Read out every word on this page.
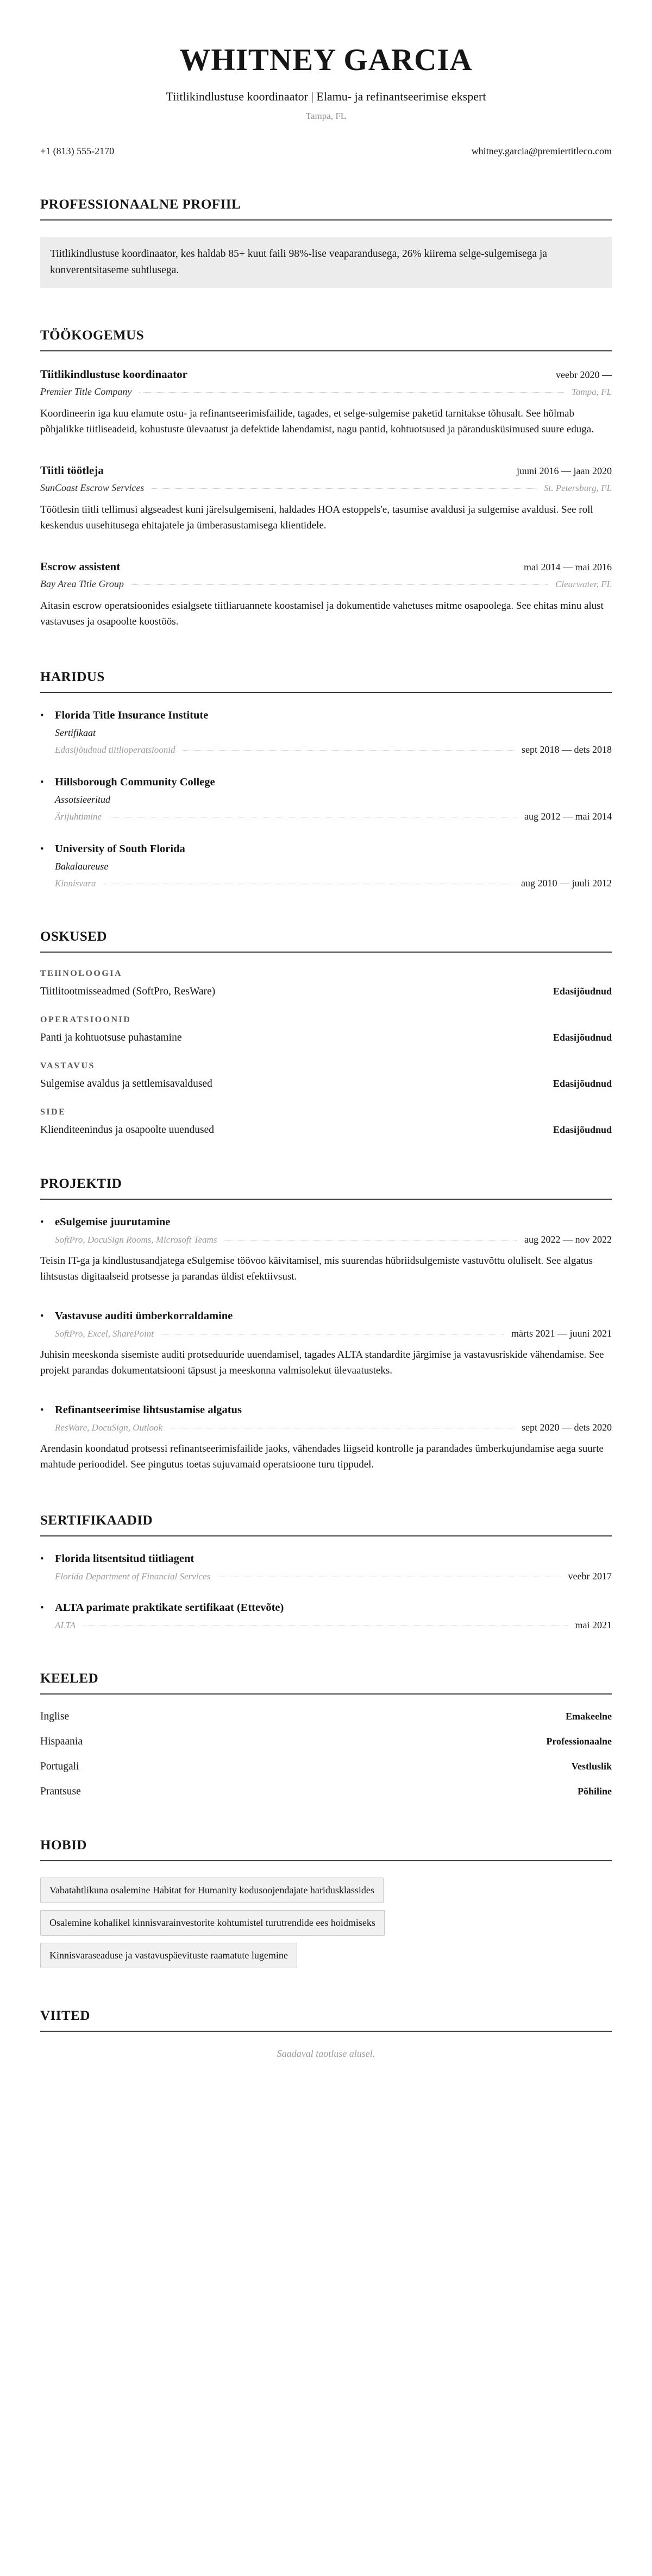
WHITNEY GARCIA
Tiitlikindlustuse koordinaator | Elamu- ja refinantseerimise ekspert
Tampa, FL
+1 (813) 555-2170	whitney.garcia@premiertitleco.com
PROFESSIONAALNE PROFIIL

Tiitlikindlustuse koordinaator, kes haldab 85+ kuut faili 98%-lise veaparandusega, 26% kiirema selge-sulgemisega ja konverentsitaseme suhtlusega.

TÖÖKOGEMUS
Tiitlikindlustuse koordinaator	veebr 2020 —
Premier Title Company	Tampa, FL

Koordineerin iga kuu elamute ostu- ja refinantseerimisfailide, tagades, et selge-sulgemise paketid tarnitakse tõhusalt. See hõlmab põhjalikke tiitliseadeid, kohustuste ülevaatust ja defektide lahendamist, nagu pantid, kohtuotsused ja pärandusküsimused suure eduga.

Tiitli töötleja	juuni 2016 — jaan 2020
SunCoast Escrow Services	St. Petersburg, FL

Töötlesin tiitli tellimusi algseadest kuni järelsulgemiseni, haldades HOA estoppels'e, tasumise avaldusi ja sulgemise avaldusi. See roll keskendus uusehitusega ehitajatele ja ümberasustamisega klientidele.

Escrow assistent	mai 2014 — mai 2016
Bay Area Title Group	Clearwater, FL

Aitasin escrow operatsioonides esialgsete tiitliaruannete koostamisel ja dokumentide vahetuses mitme osapoolega. See ehitas minu alust vastavuses ja osapoolte koostöös.

HARIDUS
•
Florida Title Insurance Institute
Sertifikaat
Edasijõudnud tiitlioperatsioonid	sept 2018 — dets 2018
•
Hillsborough Community College
Assotsieeritud
Ärijuhtimine	aug 2012 — mai 2014
•
University of South Florida
Bakalaureuse
Kinnisvara	aug 2010 — juuli 2012
OSKUSED
TEHNOLOOGIA
Tiitlitootmisseadmed (SoftPro, ResWare)	Edasijõudnud
OPERATSIOONID
Panti ja kohtuotsuse puhastamine	Edasijõudnud
VASTAVUS
Sulgemise avaldus ja settlemisavaldused	Edasijõudnud
SIDE
Klienditeenindus ja osapoolte uuendused	Edasijõudnud
PROJEKTID
•
eSulgemise juurutamine
SoftPro, DocuSign Rooms, Microsoft Teams	aug 2022 — nov 2022

Teisin IT-ga ja kindlustusandjatega eSulgemise töövoo käivitamisel, mis suurendas hübriidsulgemiste vastuvõttu oluliselt. See algatus lihtsustas digitaalseid protsesse ja parandas üldist efektiivsust.

•
Vastavuse auditi ümberkorraldamine
SoftPro, Excel, SharePoint	märts 2021 — juuni 2021

Juhisin meeskonda sisemiste auditi protseduuride uuendamisel, tagades ALTA standardite järgimise ja vastavusriskide vähendamise. See projekt parandas dokumentatsiooni täpsust ja meeskonna valmisolekut ülevaatusteks.

•
Refinantseerimise lihtsustamise algatus
ResWare, DocuSign, Outlook	sept 2020 — dets 2020

Arendasin koondatud protsessi refinantseerimisfailide jaoks, vähendades liigseid kontrolle ja parandades ümberkujundamise aega suurte mahtude perioodidel. See pingutus toetas sujuvamaid operatsioone turu tippudel.

SERTIFIKAADID
•
Florida litsentsitud tiitliagent
Florida Department of Financial Services	veebr 2017
•
ALTA parimate praktikate sertifikaat (Ettevõte)
ALTA	mai 2021
KEELED
Inglise	Emakeelne
Hispaania	Professionaalne
Portugali	Vestluslik
Prantsuse	Põhiline
HOBID
Vabatahtlikuna osalemine Habitat for Humanity kodusoojendajate haridusklassides
Osalemine kohalikel kinnisvarainvestorite kohtumistel turutrendide ees hoidmiseks
Kinnisvaraseaduse ja vastavuspäevituste raamatute lugemine
VIITED
Saadaval taotluse alusel.
